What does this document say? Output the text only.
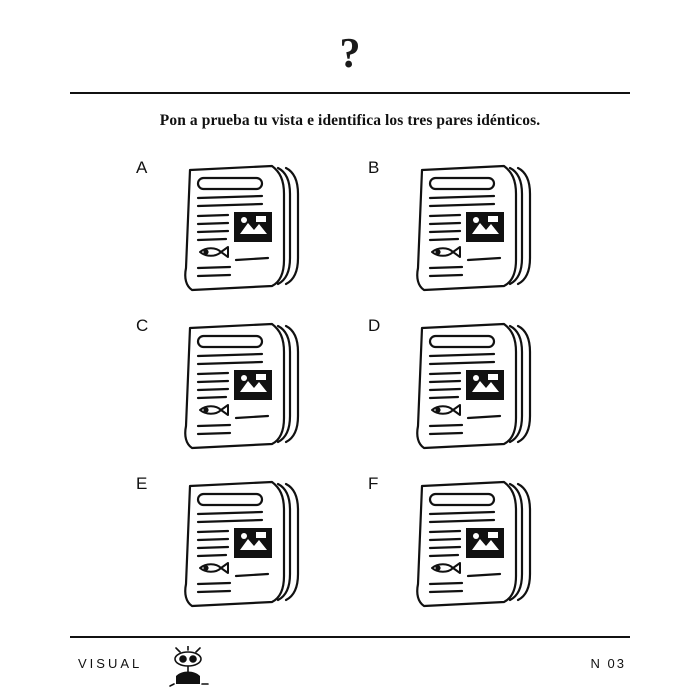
?
Pon a prueba tu vista e identifica los tres pares idénticos.
A	B
C	D
E	F
VISUAL	N 03
